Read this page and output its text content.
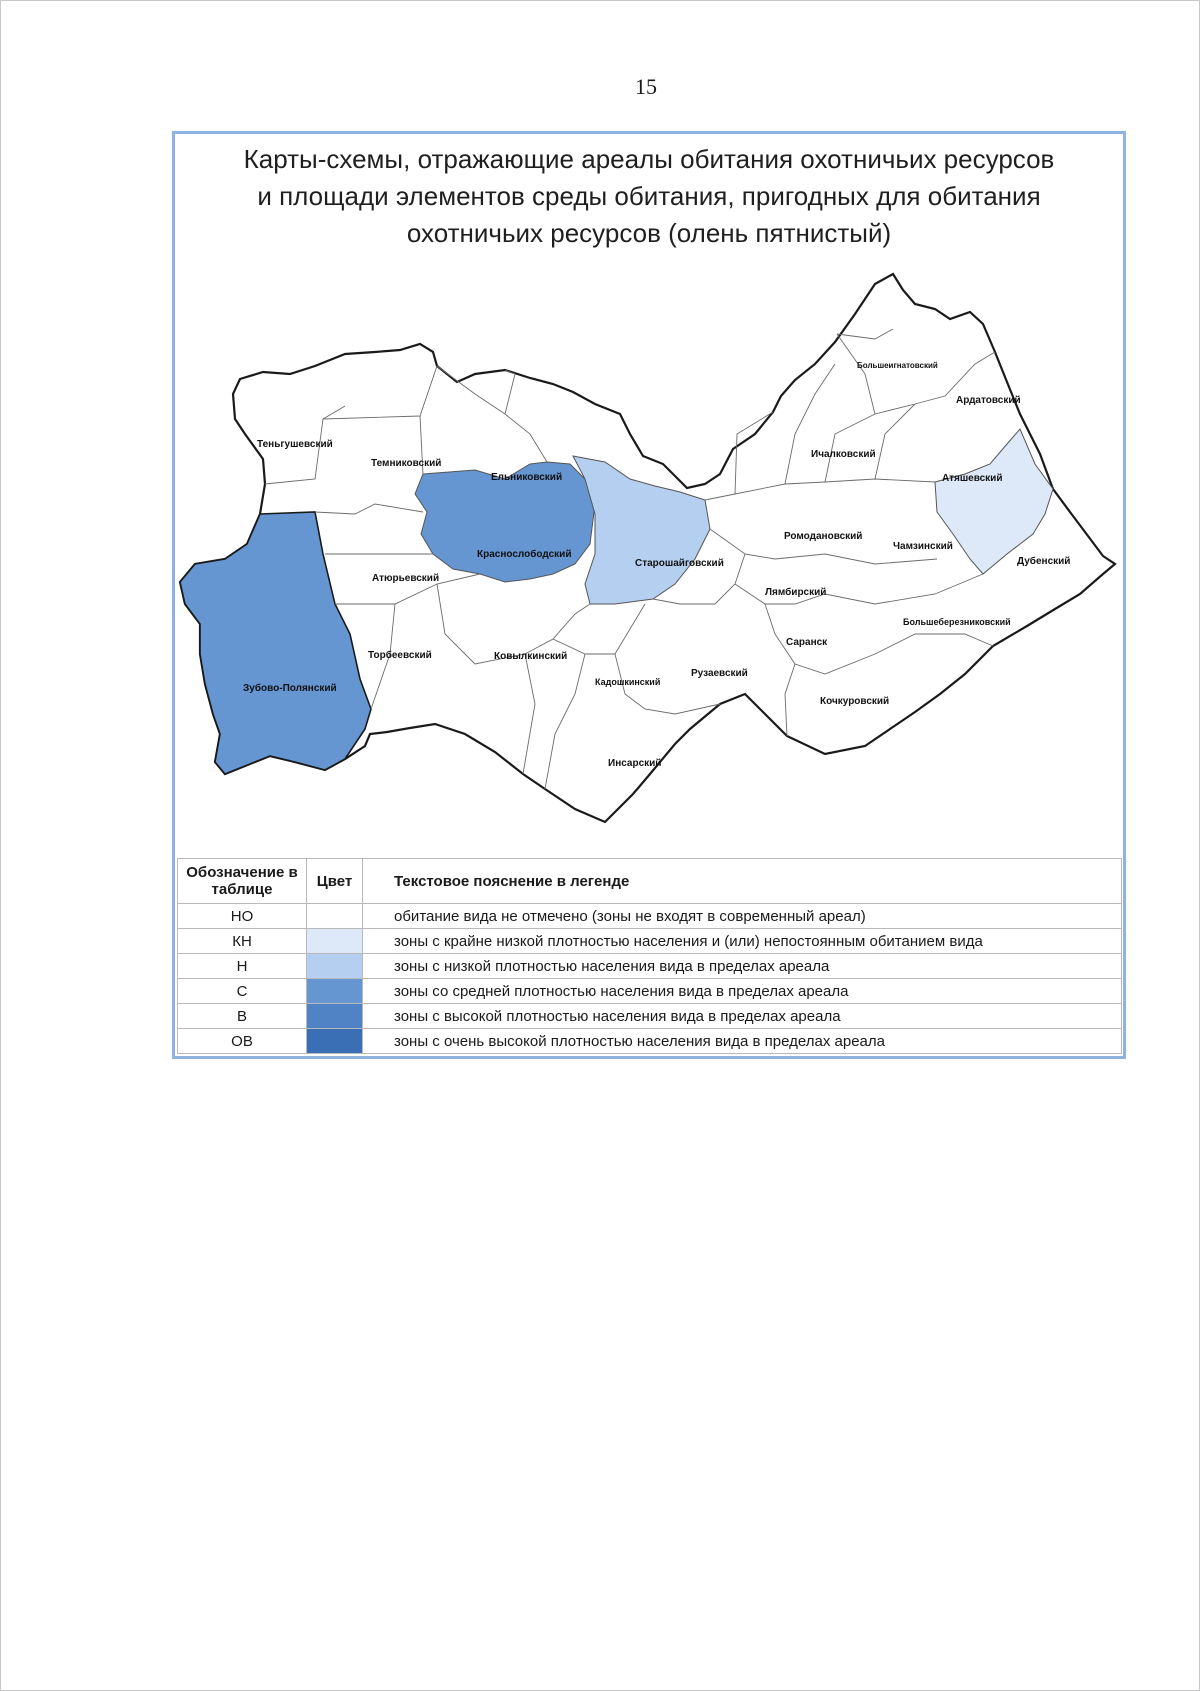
15
Карты-схемы, отражающие ареалы обитания охотничьих ресурсов
и площади элементов среды обитания, пригодных для обитания
охотничьих ресурсов (олень пятнистый)
Теньгушевский
Темниковский
Ельниковский
Большеигнатовский
Ардатовский
Ичалковский
Атяшевский
Краснослободский
Старошайговский
Ромодановский
Чамзинский
Дубенский
Атюрьевский
Лямбирский
Большеберезниковский
Торбеевский	Ковылкинский
Саранск
Зубово-Полянский
Кадошкинский
Рузаевский
Кочкуровский
Инсарский
Обозначение в таблице	Цвет	Текстовое пояснение в легенде
НО		обитание вида не отмечено (зоны не входят в современный ареал)
КН		зоны с крайне низкой плотностью населения и (или) непостоянным обитанием вида
Н		зоны с низкой плотностью населения вида в пределах ареала
С		зоны со средней плотностью населения вида в пределах ареала
В		зоны с высокой плотностью населения вида в пределах ареала
ОВ		зоны с очень высокой плотностью населения вида в пределах ареала
